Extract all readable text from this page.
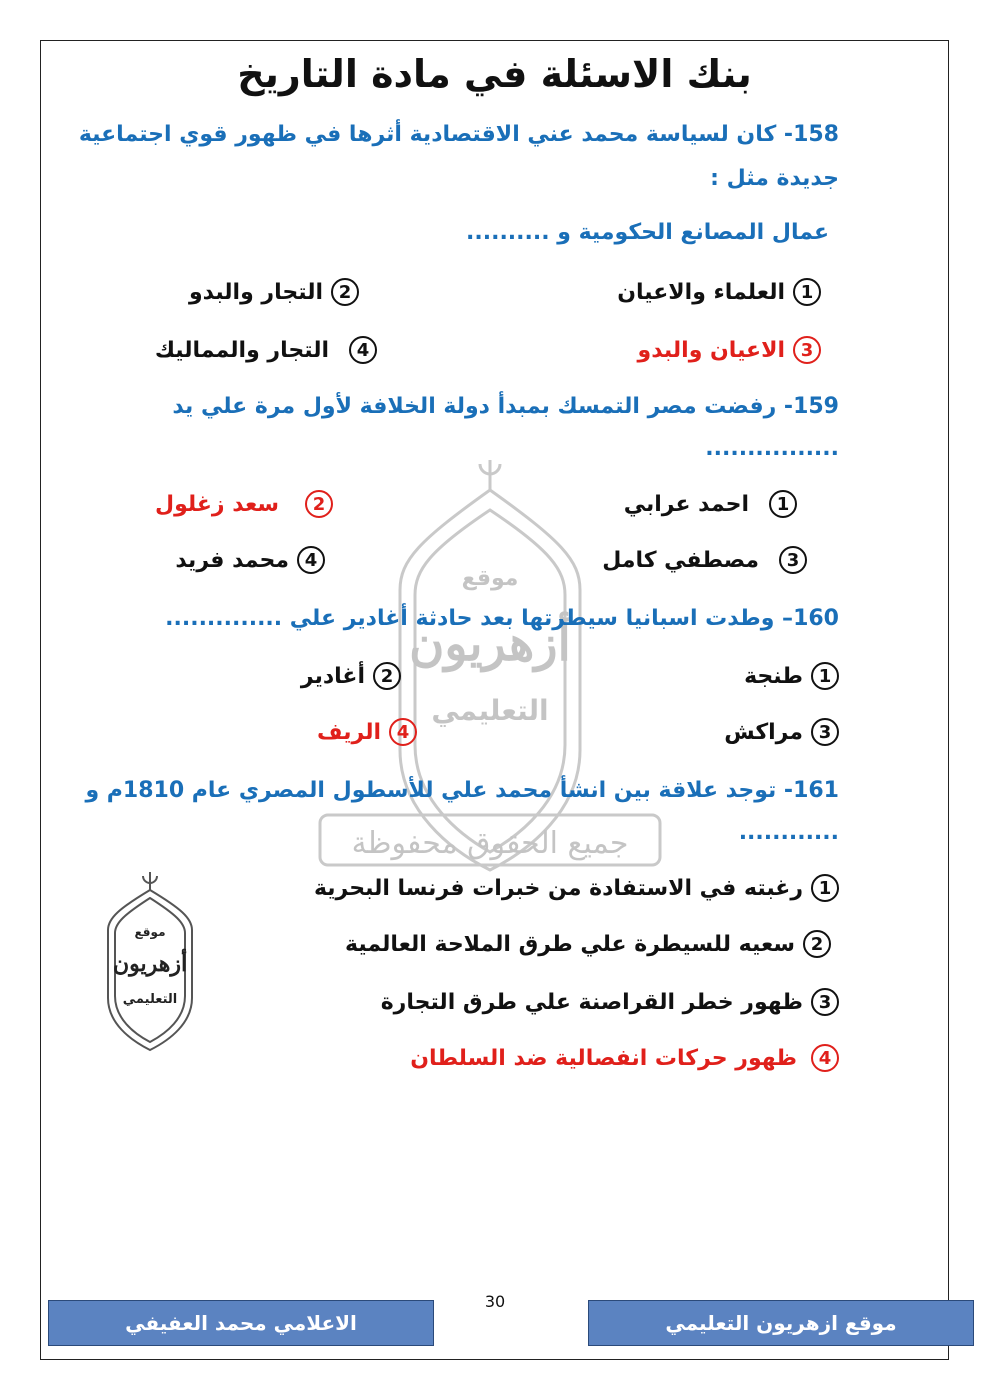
موقع
أزهريون
التعليمي
جميع الحقوق محفوظة
موقع
أزهريون
التعليمي
بنك الاسئلة في مادة التاريخ
158- كان لسياسة محمد عني الاقتصادية أثرها في ظهور قوي اجتماعية
جديدة مثل :
عمال المصانع الحكومية و ..........
1
العلماء والاعيان
2
التجار والبدو
3
الاعيان والبدو
4
التجار والمماليك
159- رفضت مصر التمسك بمبدأ دولة الخلافة لأول مرة علي يد
................
1
احمد عرابي
2
سعد زغلول
3
مصطفي كامل
4
محمد فريد
160– وطدت اسبانيا سيطرتها بعد حادثة أغادير علي ..............
1
طنجة
2
أغادير
3
مراكش
4
الريف
161- توجد علاقة بين انشأ محمد علي للأسطول المصري عام 1810م و
............
1
رغبته في الاستفادة من خبرات فرنسا البحرية
2
سعيه للسيطرة علي طرق الملاحة العالمية
3
ظهور خطر القراصنة علي طرق التجارة
4
ظهور حركات انفصالية ضد السلطان
30
الاعلامي محمد العفيفي	موقع ازهريون التعليمي
